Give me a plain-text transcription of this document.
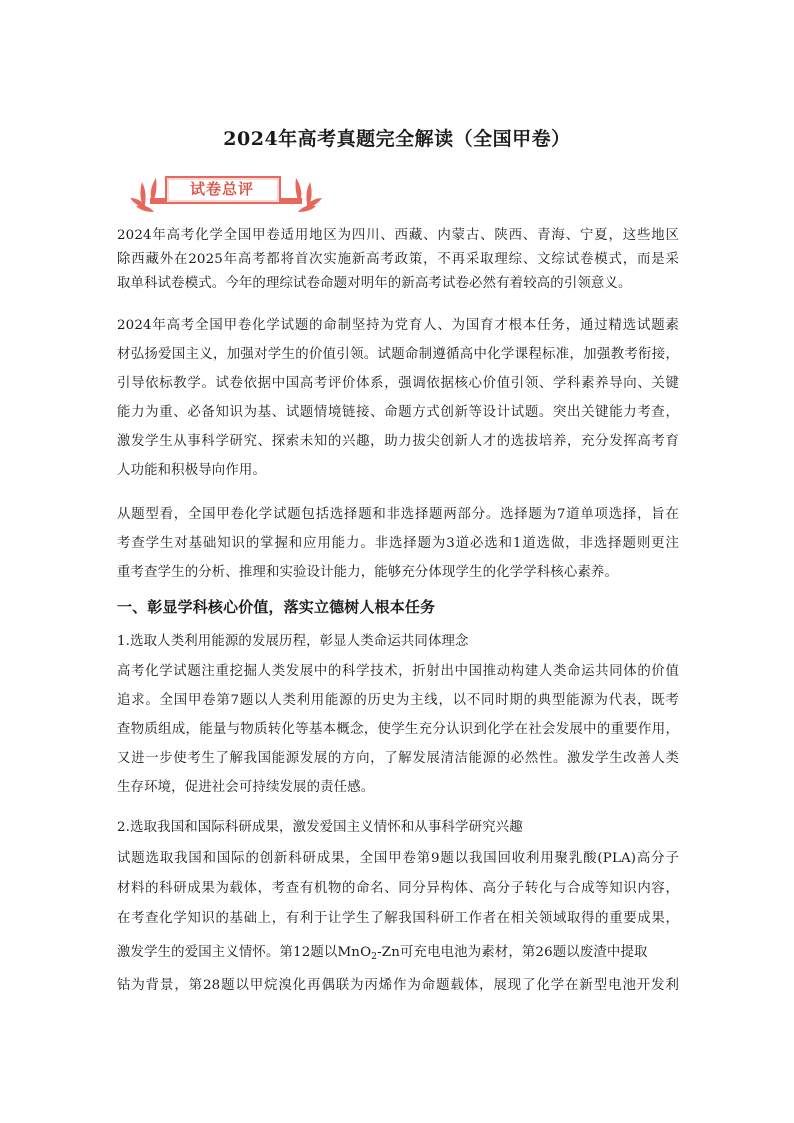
2024年高考真题完全解读（全国甲卷）
试卷总评
2024年高考化学全国甲卷适用地区为四川、西藏、内蒙古、陕西、青海、宁夏，这些地区
除西藏外在2025年高考都将首次实施新高考政策，不再采取理综、文综试卷模式，而是采
取单科试卷模式。今年的理综试卷命题对明年的新高考试卷必然有着较高的引领意义。
2024年高考全国甲卷化学试题的命制坚持为党育人、为国育才根本任务，通过精选试题素
材弘扬爱国主义，加强对学生的价值引领。试题命制遵循高中化学课程标准，加强教考衔接，
引导依标教学。试卷依据中国高考评价体系，强调依据核心价值引领、学科素养导向、关键
能力为重、必备知识为基、试题情境链接、命题方式创新等设计试题。突出关键能力考查，
激发学生从事科学研究、探索未知的兴趣，助力拔尖创新人才的选拔培养，充分发挥高考育
人功能和积极导向作用。
从题型看，全国甲卷化学试题包括选择题和非选择题两部分。选择题为7道单项选择，旨在
考查学生对基础知识的掌握和应用能力。非选择题为3道必选和1道选做，非选择题则更注
重考查学生的分析、推理和实验设计能力，能够充分体现学生的化学学科核心素养。
一、彰显学科核心价值，落实立德树人根本任务
1.选取人类利用能源的发展历程，彰显人类命运共同体理念
高考化学试题注重挖掘人类发展中的科学技术，折射出中国推动构建人类命运共同体的价值
追求。全国甲卷第7题以人类利用能源的历史为主线，以不同时期的典型能源为代表，既考
查物质组成，能量与物质转化等基本概念，使学生充分认识到化学在社会发展中的重要作用，
又进一步使考生了解我国能源发展的方向，了解发展清洁能源的必然性。激发学生改善人类
生存环境，促进社会可持续发展的责任感。
2.选取我国和国际科研成果，激发爱国主义情怀和从事科学研究兴趣
试题选取我国和国际的创新科研成果，全国甲卷第9题以我国回收利用聚乳酸(PLA)高分子
材料的科研成果为载体，考查有机物的命名、同分异构体、高分子转化与合成等知识内容，
在考查化学知识的基础上，有利于让学生了解我国科研工作者在相关领域取得的重要成果，
激发学生的爱国主义情怀。第12题以MnO$_2$-Zn可充电电池为素材，第26题以废渣中提取
钴为背景，第28题以甲烷溴化再偶联为丙烯作为命题载体，展现了化学在新型电池开发利
